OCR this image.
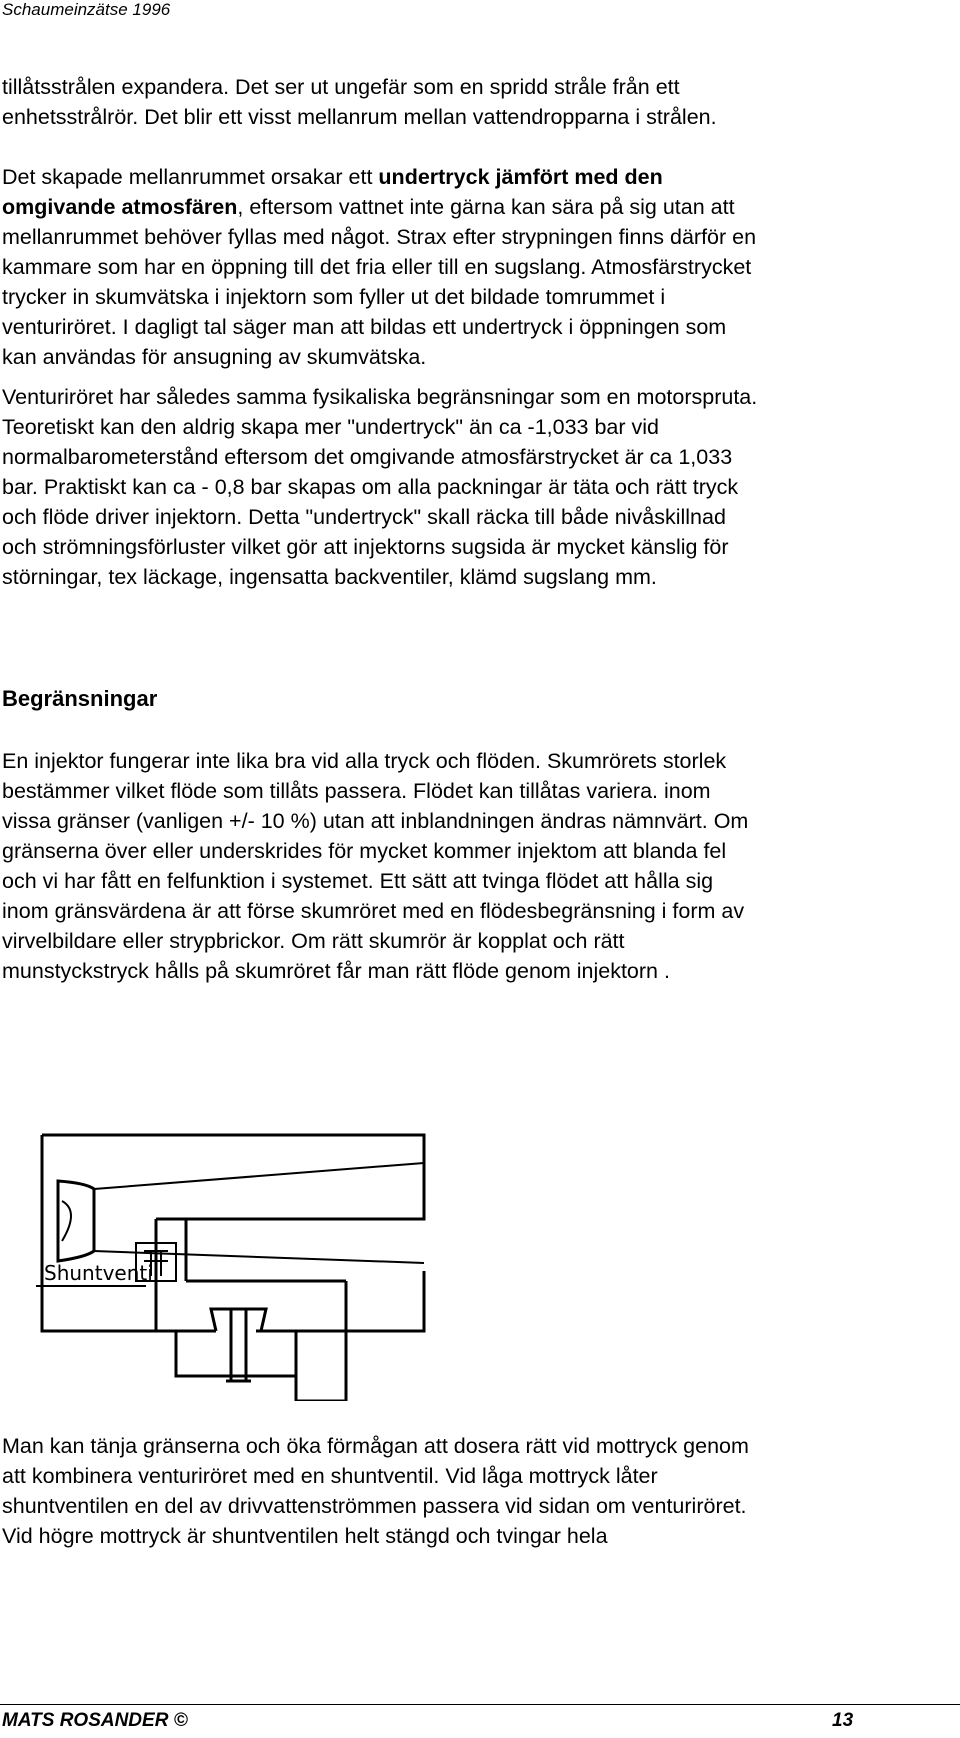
Schaumeinzätse 1996
tillåtsstrålen expandera. Det ser ut ungefär som en spridd stråle från ett
enhetsstrålrör. Det blir ett visst mellanrum mellan vattendropparna i strålen.
Det skapade mellanrummet orsakar ett undertryck jämfört med den
omgivande atmosfären, eftersom vattnet inte gärna kan sära på sig utan att
mellanrummet behöver fyllas med något. Strax efter strypningen finns därför en
kammare som har en öppning till det fria eller till en sugslang. Atmosfärstrycket
trycker in skumvätska i injektorn som fyller ut det bildade tomrummet i
venturiröret. I dagligt tal säger man att bildas ett undertryck i öppningen som
kan användas för ansugning av skumvätska.
Venturiröret har således samma fysikaliska begränsningar som en motorspruta.
Teoretiskt kan den aldrig skapa mer "undertryck" än ca -1,033 bar vid
normalbarometerstånd eftersom det omgivande atmosfärstrycket är ca 1,033
bar. Praktiskt kan ca - 0,8 bar skapas om alla packningar är täta och rätt tryck
och flöde driver injektorn. Detta "undertryck" skall räcka till både nivåskillnad
och strömningsförluster vilket gör att injektorns sugsida är mycket känslig för
störningar, tex läckage, ingensatta backventiler, klämd sugslang mm.
Begränsningar
En injektor fungerar inte lika bra vid alla tryck och flöden. Skumrörets storlek
bestämmer vilket flöde som tillåts passera. Flödet kan tillåtas variera. inom
vissa gränser (vanligen +/- 10 %) utan att inblandningen ändras nämnvärt. Om
gränserna över eller underskrides för mycket kommer injektom att blanda fel
och vi har fått en felfunktion i systemet. Ett sätt att tvinga flödet att hålla sig
inom gränsvärdena är att förse skumröret med en flödesbegränsning i form av
virvelbildare eller strypbrickor. Om rätt skumrör är kopplat och rätt
munstyckstryck hålls på skumröret får man rätt flöde genom injektorn .
Shuntventil
Man kan tänja gränserna och öka förmågan att dosera rätt vid mottryck genom
att kombinera venturiröret med en shuntventil. Vid låga mottryck låter
shuntventilen en del av drivvattenströmmen passera vid sidan om venturiröret.
Vid högre mottryck är shuntventilen helt stängd och tvingar hela
MATS ROSANDER ©	13
